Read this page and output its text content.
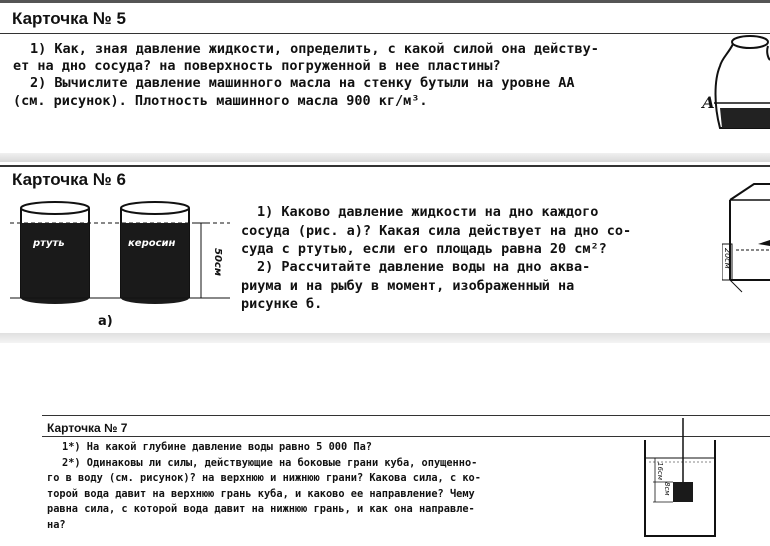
Карточка № 5
1) Как, зная давление жидкости, определить, с какой силой она действу-
ет на дно сосуда? на поверхность погруженной в нее пластины?
2) Вычислите давление машинного масла на стенку бутыли на уровне АА
(см. рисунок). Плотность машинного масла 900 кг/м³.	А
Карточка № 6
ртуть	керосин
50см
а)
1) Каково давление жидкости на дно каждого
сосуда (рис. а)? Какая сила действует на дно со-
суда с ртутью, если его площадь равна 20 см²?
2) Рассчитайте давление воды на дно аква-
риума и на рыбу в момент, изображенный на
рисунке б.
20см
Карточка № 7
1*) На какой глубине давление воды равно 5 000 Па?
2*) Одинаковы ли силы, действующие на боковые грани куба, опущенно-
го в воду (см. рисунок)? на верхнюю и нижнюю грани? Какова сила, с ко-
торой вода давит на верхнюю грань куба, и каково ее направление? Чему
равна сила, с которой вода давит на нижнюю грань, и как она направле-
на?
16см
8см
